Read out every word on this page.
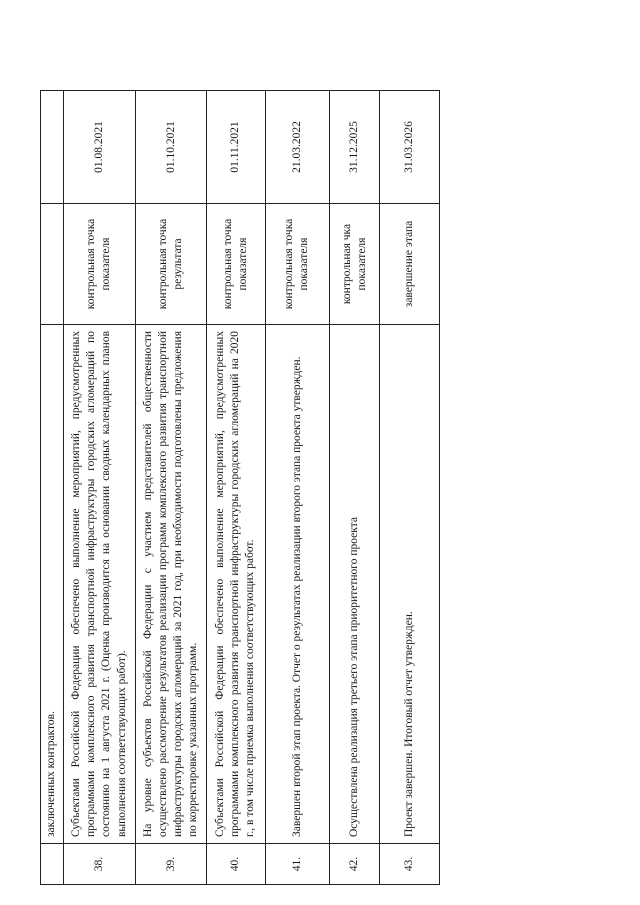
	заключенных контрактов.		

38.	Субъектами Российской Федерации обеспечено выполнение мероприятий, предусмотренных программами комплексного развития транспортной инфраструктуры городских агломераций по состоянию на 1 августа 2021 г. (Оценка производится на основании сводных календарных планов выполнения соответствующих работ).	контрольная точка показателя	01.08.2021
39.	На уровне субъектов Российской Федерации с участием представителей общественности осуществлено рассмотрение результатов реализации программ комплексного развития транспортной инфраструктуры городских агломераций за 2021 год, при необходимости подготовлены предложения по корректировке указанных программ.	контрольная точка результата	01.10.2021
40.	Субъектами Российской Федерации обеспечено выполнение мероприятий, предусмотренных программами комплексного развития транспортной инфраструктуры городских агломераций на 2020 г., в том числе приемка выполнения соответствующих работ.	контрольная точка показателя	01.11.2021
41.	Завершен второй этап проекта. Отчет о результатах реализации второго этапа проекта утвержден.	контрольная точка показателя	21.03.2022
42.	Осуществлена реализация третьего этапа приоритетного проекта	контрольная чка показателя	31.12.2025
43.	Проект завершен. Итоговый отчет утвержден.	завершение этапа	31.03.2026
